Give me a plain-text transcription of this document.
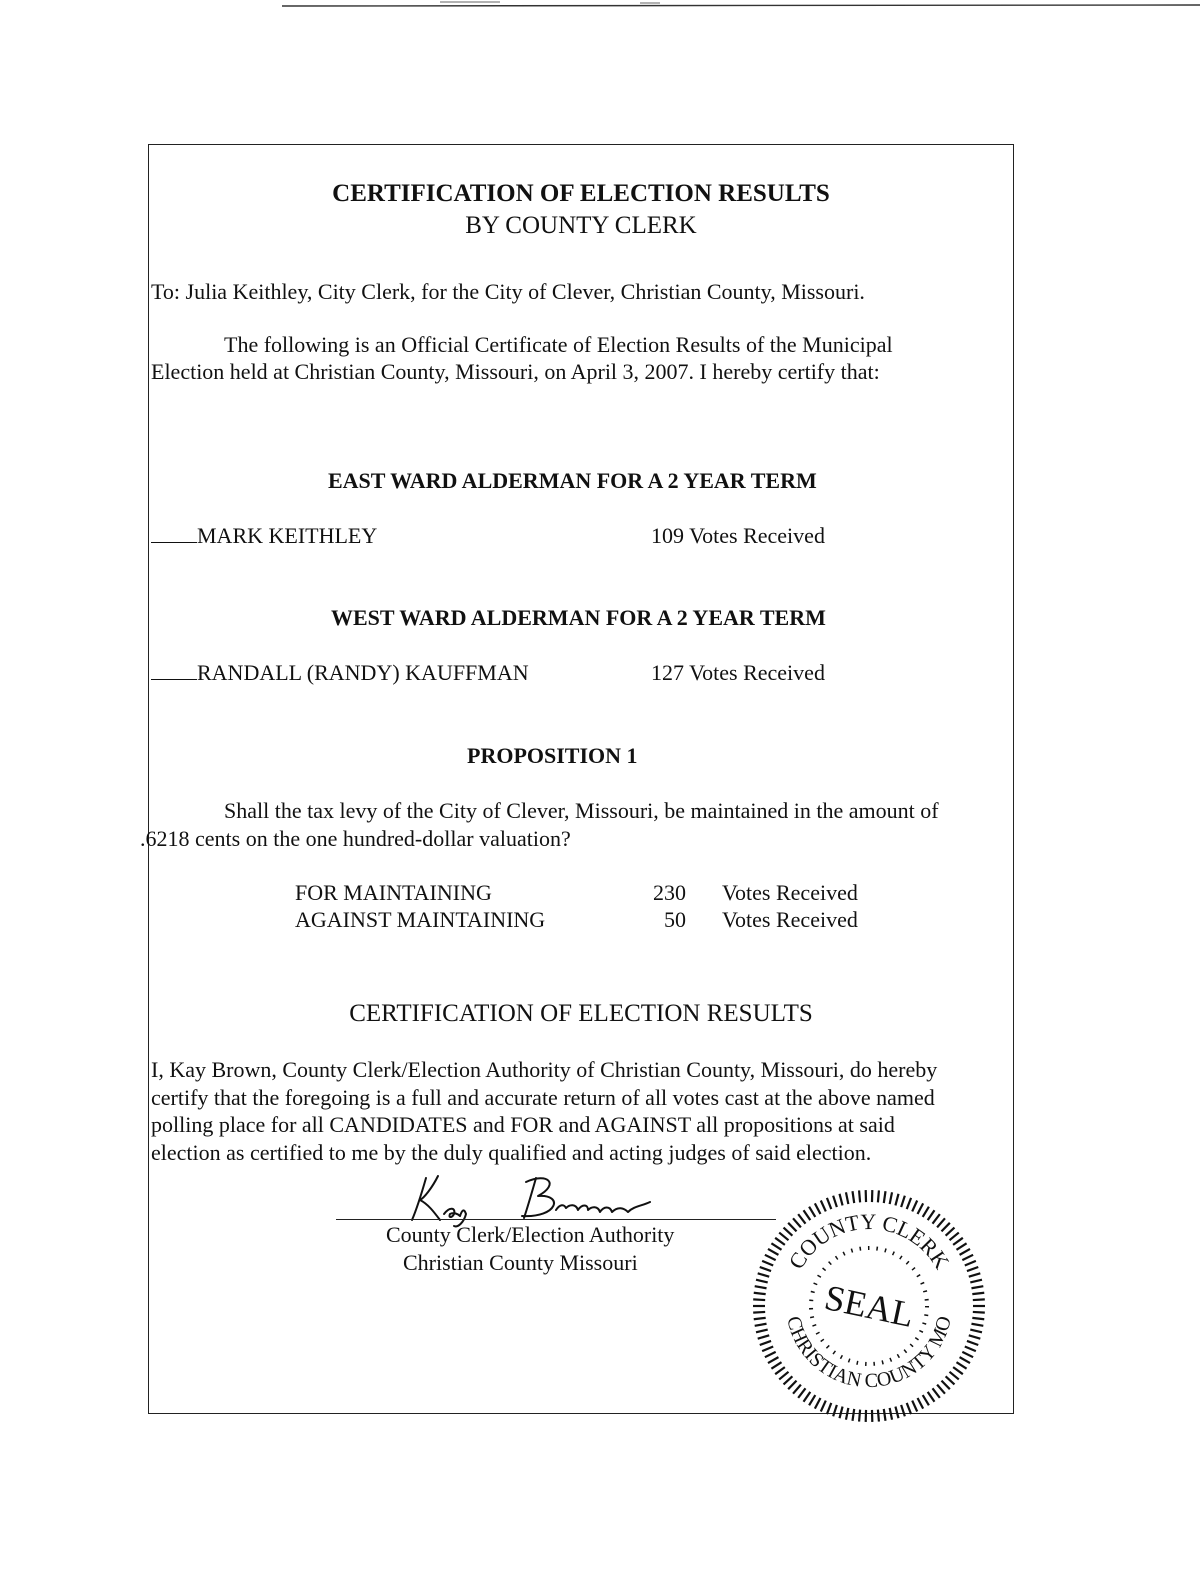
CERTIFICATION OF ELECTION RESULTS
BY COUNTY CLERK
To: Julia Keithley, City Clerk, for the City of Clever, Christian County, Missouri.
The following is an Official Certificate of Election Results of the Municipal
Election held at Christian County, Missouri, on April 3, 2007. I hereby certify that:
EAST WARD ALDERMAN FOR A 2 YEAR TERM
MARK KEITHLEY	109 Votes Received
WEST WARD ALDERMAN FOR A 2 YEAR TERM
RANDALL (RANDY) KAUFFMAN	127 Votes Received
PROPOSITION 1
Shall the tax levy of the City of Clever, Missouri, be maintained in the amount of
.6218 cents on the one hundred-dollar valuation?
FOR MAINTAINING	230 Votes Received
AGAINST MAINTAINING	50 Votes Received
CERTIFICATION OF ELECTION RESULTS
I, Kay Brown, County Clerk/Election Authority of Christian County, Missouri, do hereby
certify that the foregoing is a full and accurate return of all votes cast at the above named
polling place for all CANDIDATES and FOR and AGAINST all propositions at said
election as certified to me by the duly qualified and acting judges of said election.
County Clerk/Election Authority
Christian County Missouri	COUNTY CLERK
CHRISTIAN COUNTY MO
SEAL
